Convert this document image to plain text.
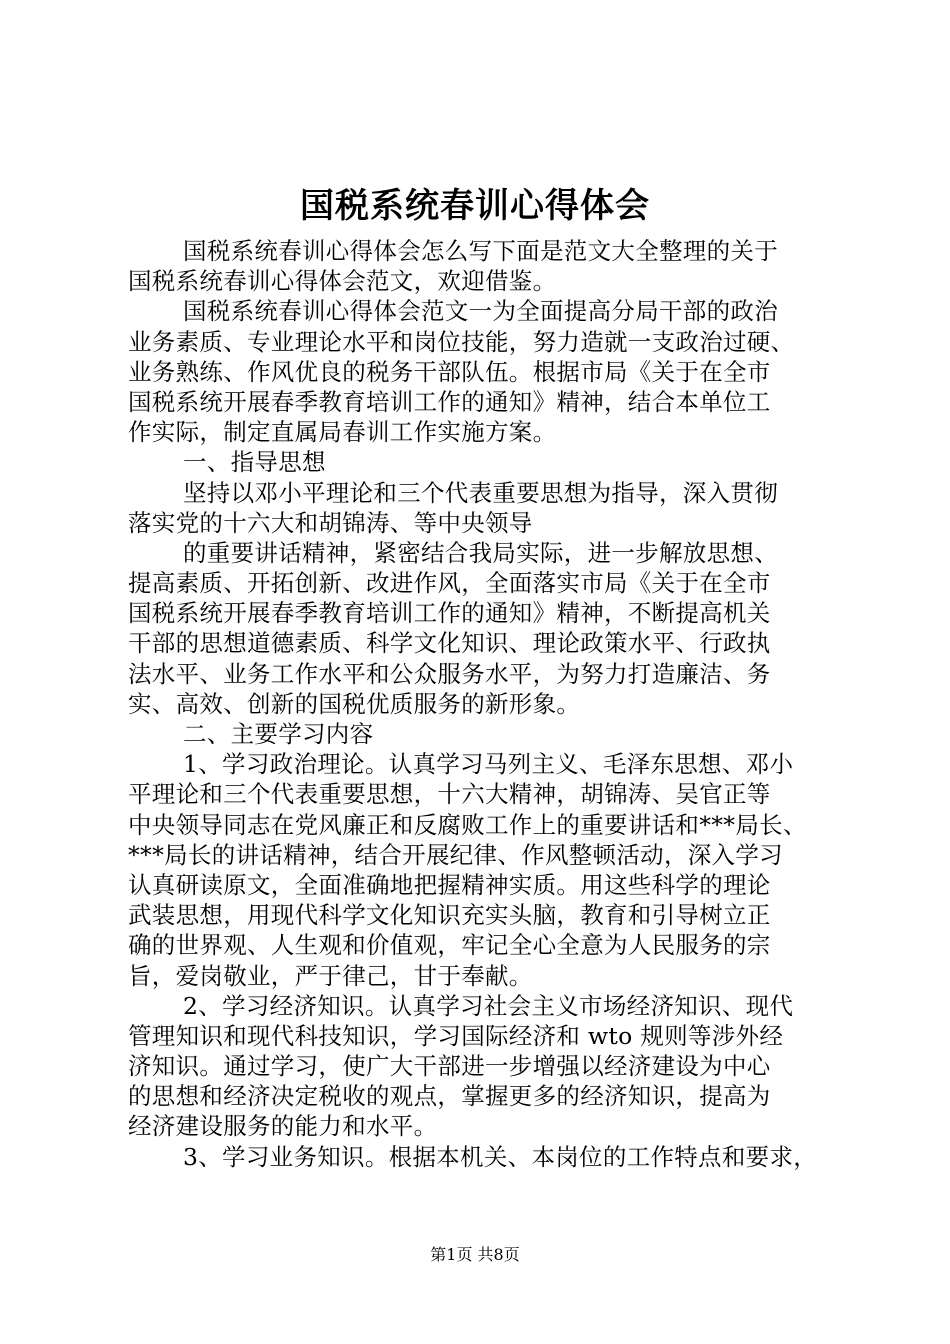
国税系统春训心得体会
国税系统春训心得体会怎么写下面是范文大全整理的关于
国税系统春训心得体会范文，欢迎借鉴。
国税系统春训心得体会范文一为全面提高分局干部的政治
业务素质、专业理论水平和岗位技能，努力造就一支政治过硬、
业务熟练、作风优良的税务干部队伍。根据市局《关于在全市
国税系统开展春季教育培训工作的通知》精神，结合本单位工
作实际，制定直属局春训工作实施方案。
一、指导思想
坚持以邓小平理论和三个代表重要思想为指导，深入贯彻
落实党的十六大和胡锦涛、等中央领导
的重要讲话精神，紧密结合我局实际，进一步解放思想、
提高素质、开拓创新、改进作风，全面落实市局《关于在全市
国税系统开展春季教育培训工作的通知》精神，不断提高机关
干部的思想道德素质、科学文化知识、理论政策水平、行政执
法水平、业务工作水平和公众服务水平，为努力打造廉洁、务
实、高效、创新的国税优质服务的新形象。
二、主要学习内容
1、学习政治理论。认真学习马列主义、毛泽东思想、邓小
平理论和三个代表重要思想，十六大精神，胡锦涛、吴官正等
中央领导同志在党风廉正和反腐败工作上的重要讲话和***局长、
***局长的讲话精神，结合开展纪律、作风整顿活动，深入学习
认真研读原文，全面准确地把握精神实质。用这些科学的理论
武装思想，用现代科学文化知识充实头脑，教育和引导树立正
确的世界观、人生观和价值观，牢记全心全意为人民服务的宗
旨，爱岗敬业，严于律己，甘于奉献。
2、学习经济知识。认真学习社会主义市场经济知识、现代
管理知识和现代科技知识，学习国际经济和 wto 规则等涉外经
济知识。通过学习，使广大干部进一步增强以经济建设为中心
的思想和经济决定税收的观点，掌握更多的经济知识，提高为
经济建设服务的能力和水平。
3、学习业务知识。根据本机关、本岗位的工作特点和要求，
第1页 共8页
